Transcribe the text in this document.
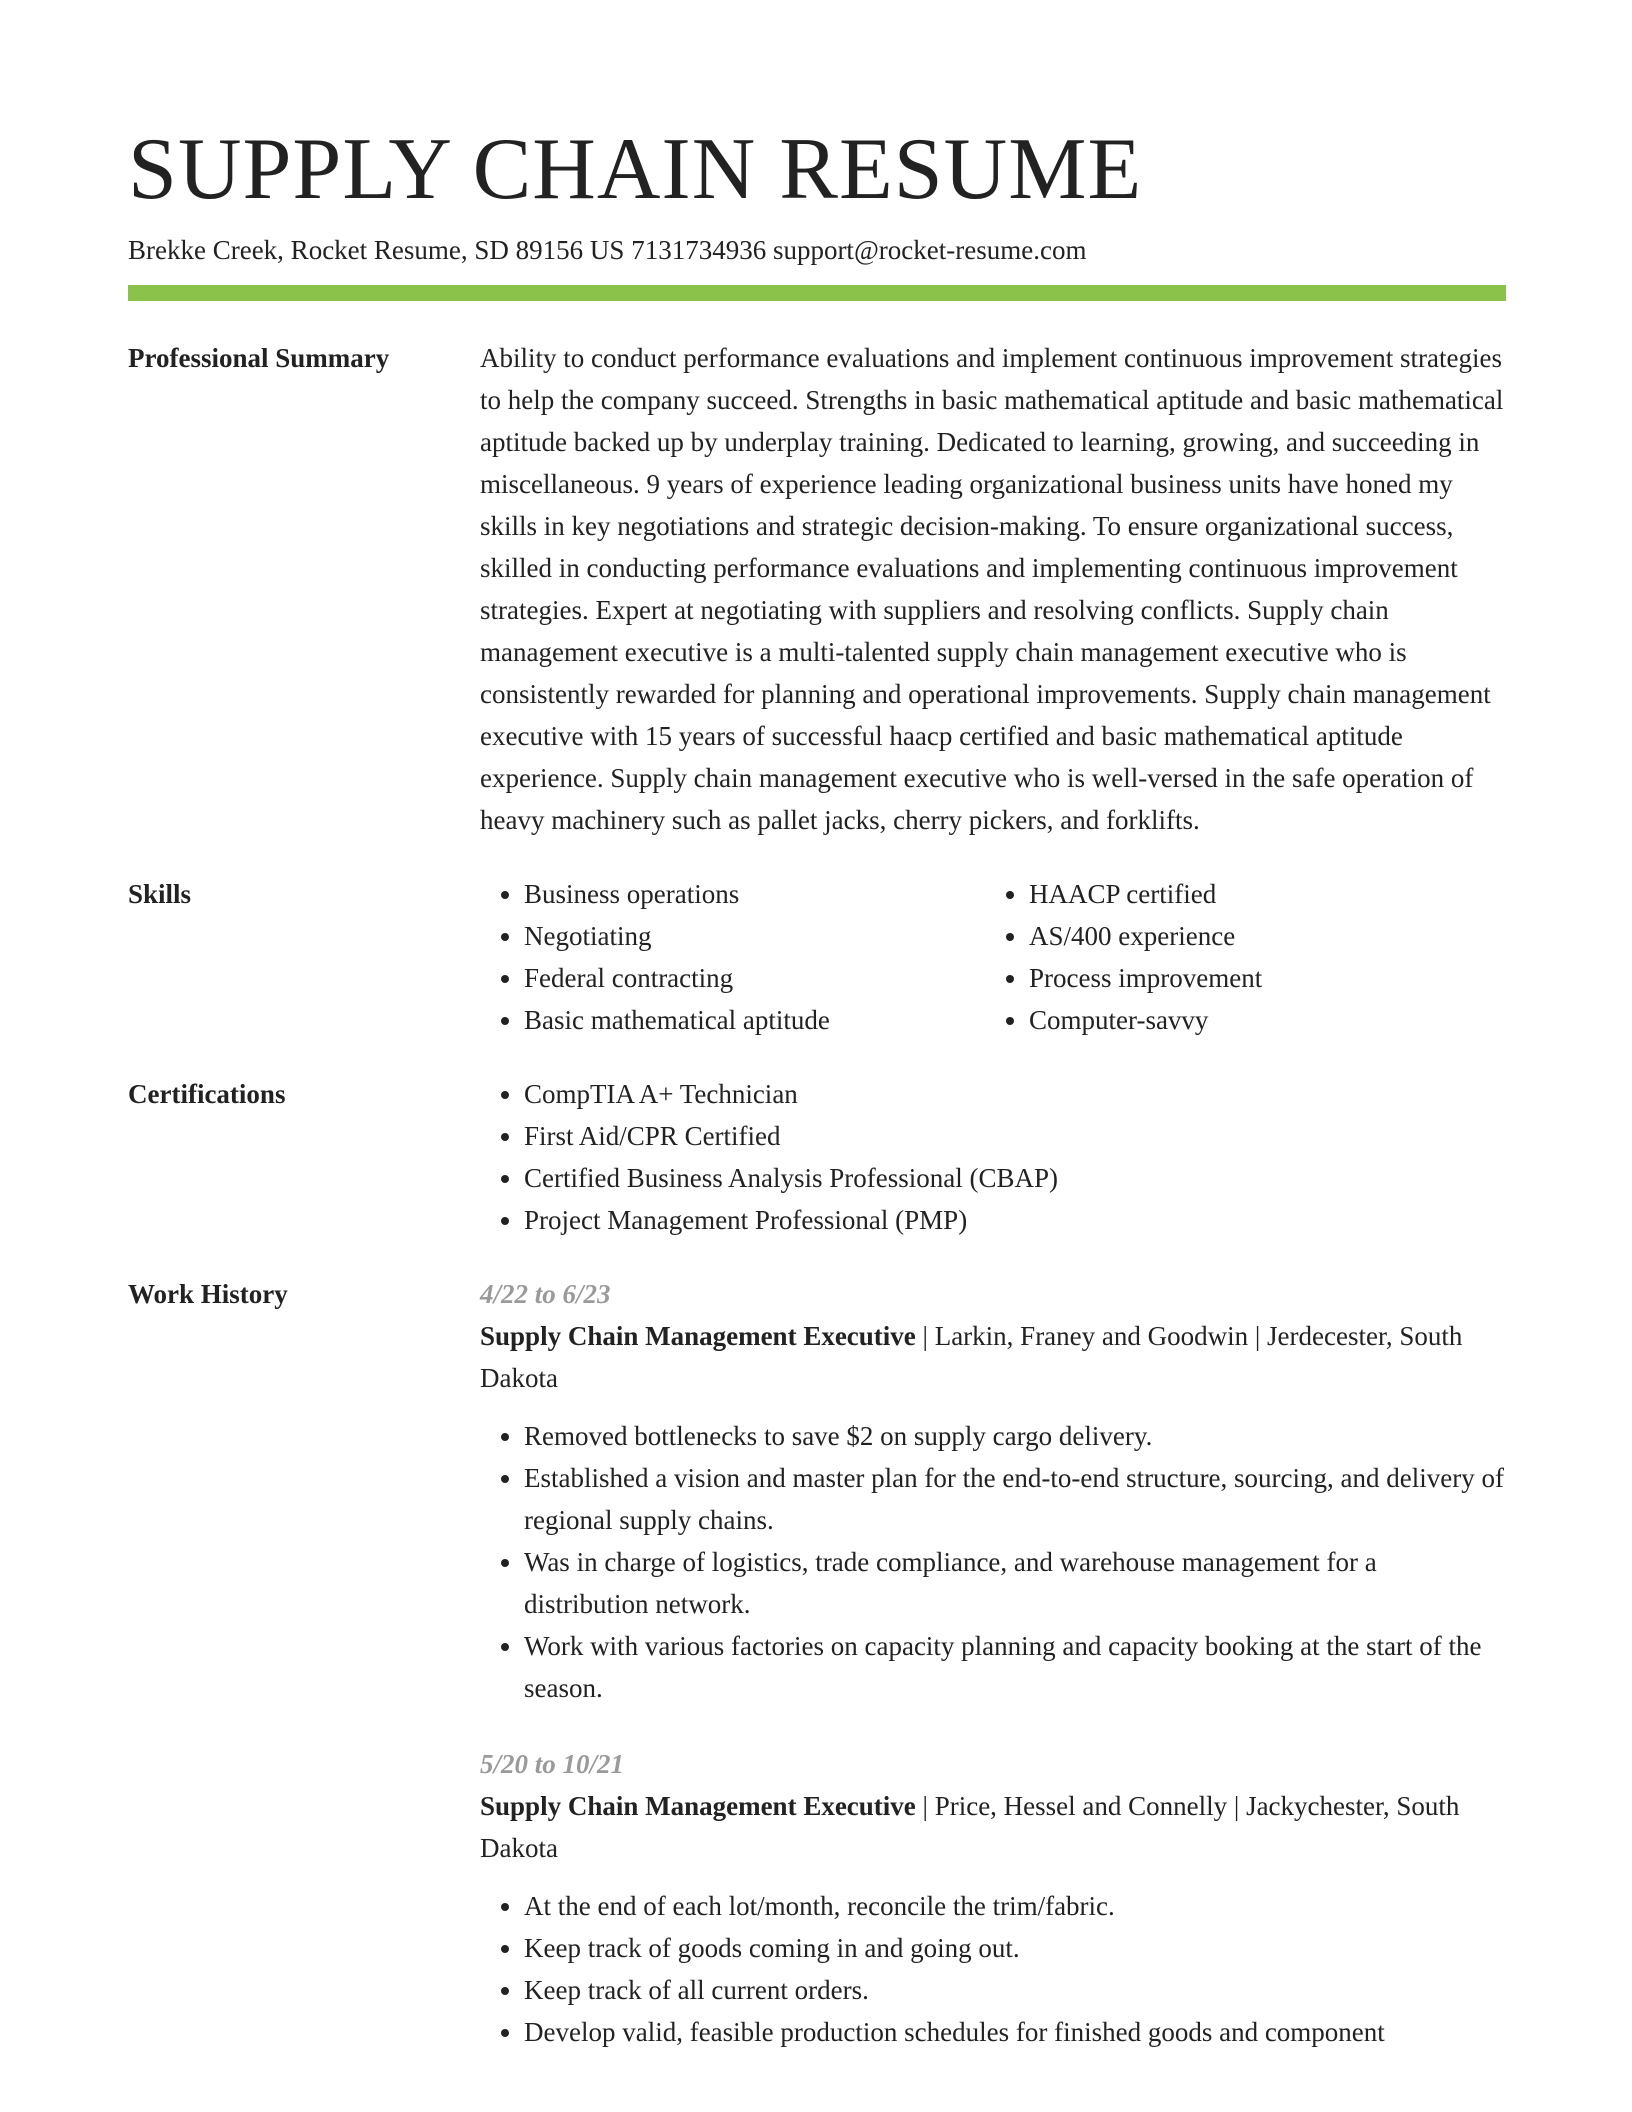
SUPPLY CHAIN RESUME
Brekke Creek, Rocket Resume, SD 89156 US 7131734936 support@rocket-resume.com
Professional Summary	Ability to conduct performance evaluations and implement continuous improvement strategies to help the company succeed. Strengths in basic mathematical aptitude and basic mathematical aptitude backed up by underplay training. Dedicated to learning, growing, and succeeding in miscellaneous. 9 years of experience leading organizational business units have honed my skills in key negotiations and strategic decision-making. To ensure organizational success, skilled in conducting performance evaluations and implementing continuous improvement strategies. Expert at negotiating with suppliers and resolving conflicts. Supply chain management executive is a multi-talented supply chain management executive who is consistently rewarded for planning and operational improvements. Supply chain management executive with 15 years of successful haacp certified and basic mathematical aptitude experience. Supply chain management executive who is well-versed in the safe operation of heavy machinery such as pallet jacks, cherry pickers, and forklifts.

Skills	• Business operations
• Negotiating
• Federal contracting
• Basic mathematical aptitude
• HAACP certified
• AS/400 experience
• Process improvement
• Computer-savvy
Certifications	• CompTIA A+ Technician
• First Aid/CPR Certified
• Certified Business Analysis Professional (CBAP)
• Project Management Professional (PMP)
Work History	4/22 to 6/23
Supply Chain Management Executive | Larkin, Franey and Goodwin | Jerdecester, South Dakota
• Removed bottlenecks to save $2 on supply cargo delivery.
• Established a vision and master plan for the end-to-end structure, sourcing, and delivery of regional supply chains.
• Was in charge of logistics, trade compliance, and warehouse management for a distribution network.
• Work with various factories on capacity planning and capacity booking at the start of the season.
5/20 to 10/21
Supply Chain Management Executive | Price, Hessel and Connelly | Jackychester, South Dakota
• At the end of each lot/month, reconcile the trim/fabric.
• Keep track of goods coming in and going out.
• Keep track of all current orders.
• Develop valid, feasible production schedules for finished goods and component
